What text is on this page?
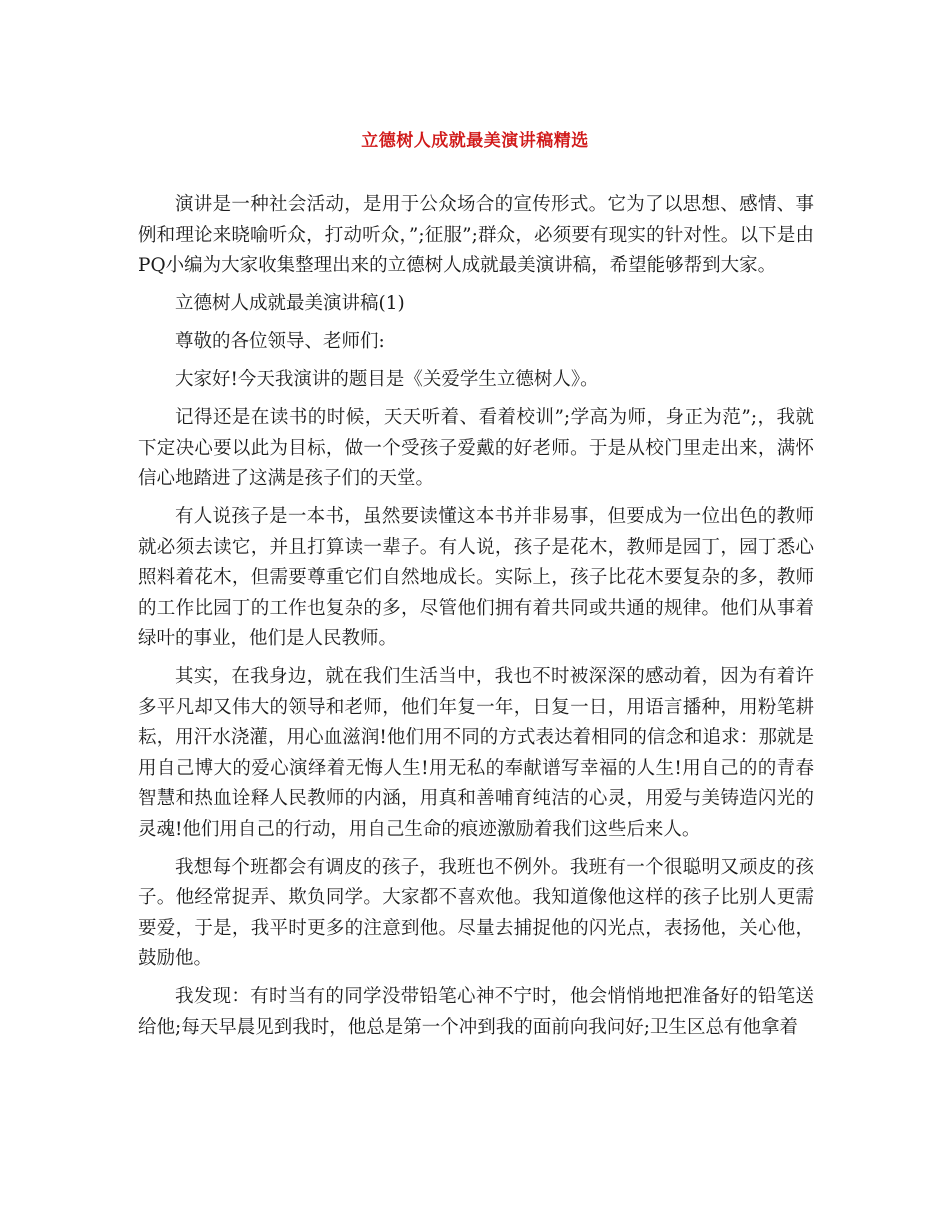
立德树人成就最美演讲稿精选

演讲是一种社会活动，是用于公众场合的宣传形式。它为了以思想、感情、事例和理论来晓喻听众，打动听众，”;征服”;群众，必须要有现实的针对性。以下是由PQ小编为大家收集整理出来的立德树人成就最美演讲稿，希望能够帮到大家。

立德树人成就最美演讲稿(1)

尊敬的各位领导、老师们:

大家好!今天我演讲的题目是《关爱学生立德树人》。

记得还是在读书的时候，天天听着、看着校训”;学高为师，身正为范”;，我就下定决心要以此为目标，做一个受孩子爱戴的好老师。于是从校门里走出来，满怀信心地踏进了这满是孩子们的天堂。

有人说孩子是一本书，虽然要读懂这本书并非易事，但要成为一位出色的教师就必须去读它，并且打算读一辈子。有人说，孩子是花木，教师是园丁，园丁悉心照料着花木，但需要尊重它们自然地成长。实际上，孩子比花木要复杂的多，教师的工作比园丁的工作也复杂的多，尽管他们拥有着共同或共通的规律。他们从事着绿叶的事业，他们是人民教师。

其实，在我身边，就在我们生活当中，我也不时被深深的感动着，因为有着许多平凡却又伟大的领导和老师，他们年复一年，日复一日，用语言播种，用粉笔耕耘，用汗水浇灌，用心血滋润!他们用不同的方式表达着相同的信念和追求：那就是用自己博大的爱心演绎着无悔人生!用无私的奉献谱写幸福的人生!用自己的的青春智慧和热血诠释人民教师的内涵，用真和善哺育纯洁的心灵，用爱与美铸造闪光的灵魂!他们用自己的行动，用自己生命的痕迹激励着我们这些后来人。

我想每个班都会有调皮的孩子，我班也不例外。我班有一个很聪明又顽皮的孩子。他经常捉弄、欺负同学。大家都不喜欢他。我知道像他这样的孩子比别人更需要爱，于是，我平时更多的注意到他。尽量去捕捉他的闪光点，表扬他，关心他，鼓励他。

我发现：有时当有的同学没带铅笔心神不宁时，他会悄悄地把准备好的铅笔送给他;每天早晨见到我时，他总是第一个冲到我的面前向我问好;卫生区总有他拿着
